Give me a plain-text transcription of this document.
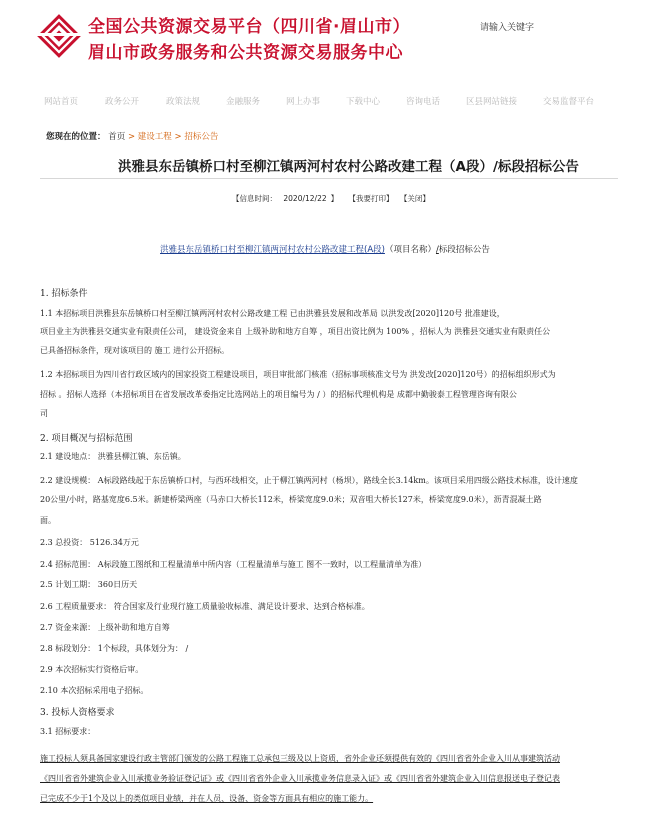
全国公共资源交易平台（四川省·眉山市）
眉山市政务服务和公共资源交易服务中心
请输入关键字
网站首页	政务公开	政策法规	金融服务	网上办事	下载中心	咨询电话	区县网站链接	交易监督平台
您现在的位置： 首页 > 建设工程 > 招标公告
洪雅县东岳镇桥口村至柳江镇两河村农村公路改建工程（A段）/标段招标公告
【信息时间： 2020/12/22 】 【我要打印】 【关闭】
洪雅县东岳镇桥口村至柳江镇两河村农村公路改建工程(A段)（项目名称）/标段招标公告
1. 招标条件
1.1 本招标项目洪雅县东岳镇桥口村至柳江镇两河村农村公路改建工程 已由洪雅县发展和改革局 以洪发改[2020]120号 批准建设，
项目业主为洪雅县交通实业有限责任公司， 建设资金来自 上级补助和地方自筹 ，项目出资比例为 100% ，招标人为 洪雅县交通实业有限责任公
已具备招标条件，现对该项目的 施工 进行公开招标。
1.2 本招标项目为四川省行政区域内的国家投资工程建设项目，项目审批部门核准（招标事项核准文号为 洪发改[2020]120号）的招标组织形式为
招标 。招标人选择（本招标项目在省发展改革委指定比选网站上的项目编号为 / ）的招标代理机构是 成都中勤骏泰工程管理咨询有限公
司
2. 项目概况与招标范围
2.1 建设地点： 洪雅县柳江镇、东岳镇。
2.2 建设规模： A标段路线起于东岳镇桥口村，与西环线相交，止于柳江镇两河村（杨坝），路线全长3.14km。该项目采用四级公路技术标准，设计速度
20公里/小时，路基宽度6.5米。新建桥梁两座（马赤口大桥长112米，桥梁宽度9.0米；双音咀大桥长127米，桥梁宽度9.0米），沥青混凝土路
面。
2.3 总投资： 5126.34万元
2.4 招标范围： A标段施工图纸和工程量清单中所内容（工程量清单与施工 图不一致时，以工程量清单为准）
2.5 计划工期： 360日历天
2.6 工程质量要求： 符合国家及行业现行施工质量验收标准、满足设计要求、达到合格标准。
2.7 资金来源： 上级补助和地方自筹
2.8 标段划分： 1个标段，具体划分为： /
2.9 本次招标实行资格后审。
2.10 本次招标采用电子招标。
3. 投标人资格要求
3.1 招标要求：
施工投标人须具备国家建设行政主管部门颁发的公路工程施工总承包三级及以上资质，省外企业还须提供有效的《四川省省外企业入川从事建筑活动
《四川省省外建筑企业入川承揽业务验证登记证》或《四川省省外企业入川承揽业务信息录入证》或《四川省省外建筑企业入川信息报送电子登记表
已完成不少于1个及以上的类似项目业绩，并在人员、设备、资金等方面具有相应的施工能力。
